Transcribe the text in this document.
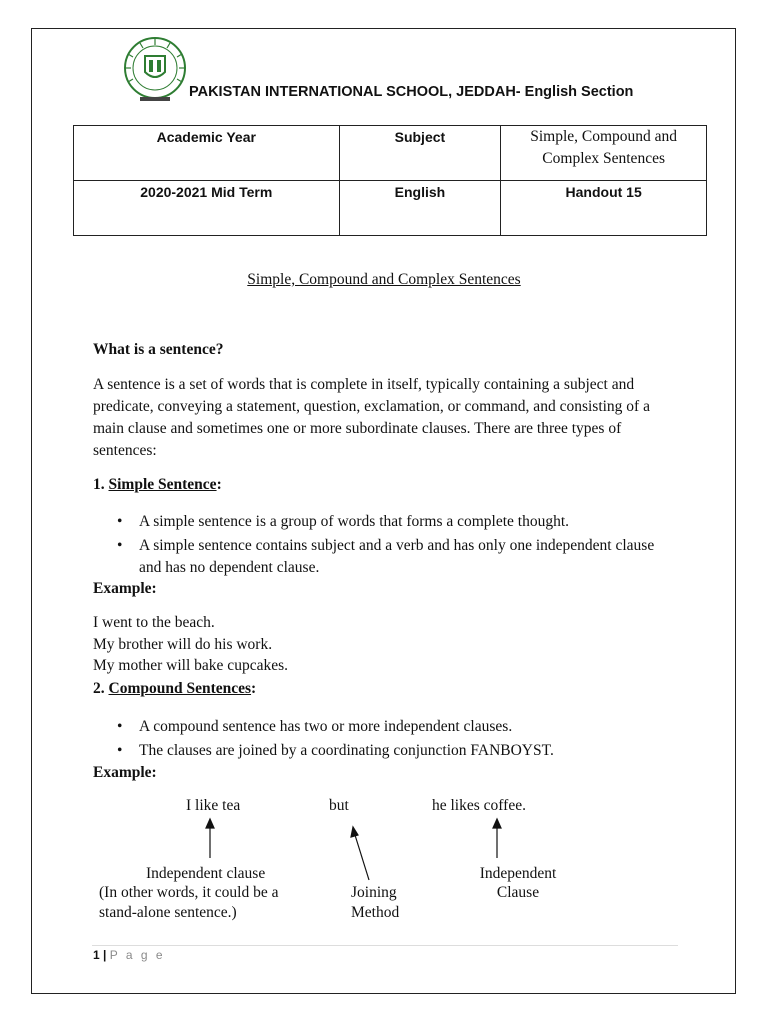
PAKISTAN INTERNATIONAL SCHOOL, JEDDAH- English Section
Academic Year	Subject	Simple, Compound and
Complex Sentences

2020-2021 Mid Term	English	Handout 15
Simple, Compound and Complex Sentences
What is a sentence?
A sentence is a set of words that is complete in itself, typically containing a subject and predicate, conveying a statement, question, exclamation, or command, and consisting of a main clause and sometimes one or more subordinate clauses. There are three types of sentences:
1. Simple Sentence:
• A simple sentence is a group of words that forms a complete thought.
• A simple sentence contains subject and a verb and has only one independent clause and has no dependent clause.
Example:
I went to the beach.
My brother will do his work.
My mother will bake cupcakes.
2. Compound Sentences:
• A compound sentence has two or more independent clauses.
• The clauses are joined by a coordinating conjunction FANBOYST.
Example:
I like tea	but	he likes coffee.
Independent clause
(In other words, it could be a
stand-alone sentence.)
Joining
Method
Independent
Clause
1 | P a g e
